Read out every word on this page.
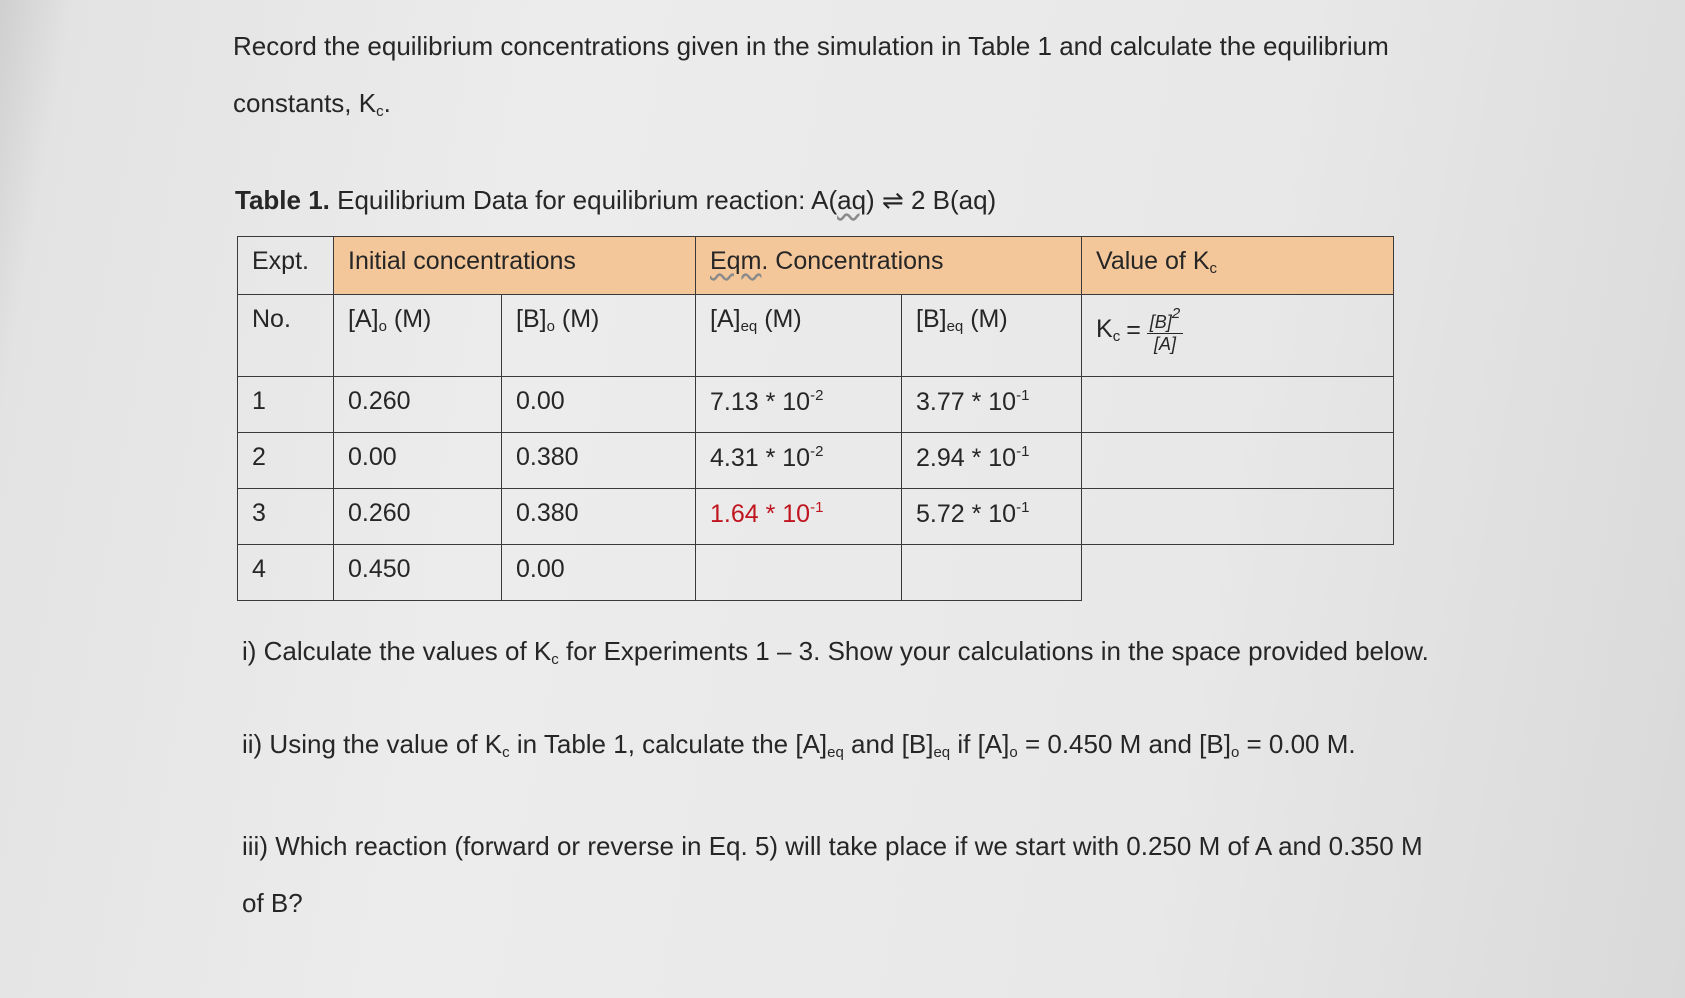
Record the equilibrium concentrations given in the simulation in Table 1 and calculate the equilibrium
constants, $K_c$.
Table 1. Equilibrium Data for equilibrium reaction: A(aq) ⇌ 2 B(aq)
Expt.	Initial concentrations		Eqm. Concentrations		Value of $K_c$
No.	$[A]_o$ (M)	$[B]_o$ (M)	$[A]_{eq}$ (M)	$[B]_{eq}$ (M)	$K_c = \frac{[B]^2}{[A]}$

1	0.260	0.00	$7.13 * 10^{-2}$	$3.77 * 10^{-1}$	
2	0.00	0.380	$4.31 * 10^{-2}$	$2.94 * 10^{-1}$	
3	0.260	0.380	$1.64 * 10^{-1}$	$5.72 * 10^{-1}$	
4	0.450	0.00			
i) Calculate the values of $K_c$ for Experiments 1 – 3. Show your calculations in the space provided below.
ii) Using the value of $K_c$ in Table 1, calculate the $[A]_{eq}$ and $[B]_{eq}$ if $[A]_o = 0.450$ M and $[B]_o = 0.00$ M.
iii) Which reaction (forward or reverse in Eq. 5) will take place if we start with 0.250 M of A and 0.350 M
of B?
